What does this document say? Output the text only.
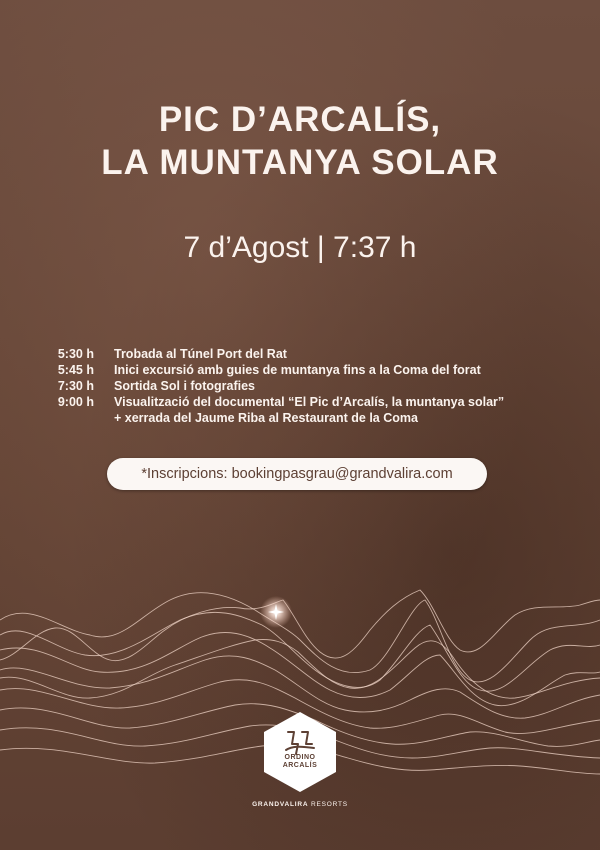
PIC D’ARCALÍS,
LA MUNTANYA SOLAR
7 d’Agost | 7:37 h
5:30 h Trobada al Túnel Port del Rat
5:45 h Inici excursió amb guies de muntanya fins a la Coma del forat
7:30 h Sortida Sol i fotografies
9:00 h Visualització del documental “El Pic d’Arcalís, la muntanya solar”
+ xerrada del Jaume Riba al Restaurant de la Coma
*Inscripcions: bookingpasgrau@grandvalira.com
ORDINO
ARCALÍS
GRANDVALIRA RESORTS
